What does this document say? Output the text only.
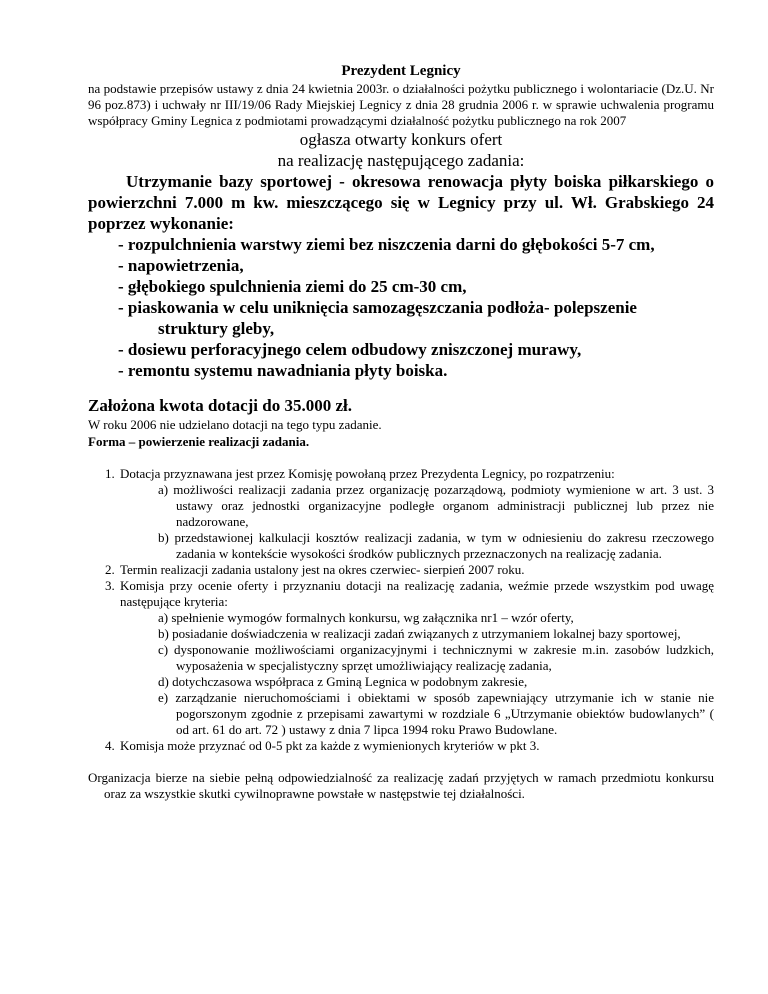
Prezydent Legnicy
na podstawie przepisów ustawy z dnia 24 kwietnia 2003r. o działalności pożytku publicznego i wolontariacie (Dz.U. Nr 96 poz.873) i uchwały nr III/19/06 Rady Miejskiej Legnicy z dnia 28 grudnia 2006 r. w sprawie uchwalenia programu współpracy Gminy Legnica z podmiotami prowadzącymi działalność pożytku publicznego na rok 2007
ogłasza otwarty konkurs ofert
na realizację następującego zadania:
Utrzymanie bazy sportowej - okresowa renowacja płyty boiska piłkarskiego o powierzchni 7.000 m kw. mieszczącego się w Legnicy przy ul. Wł. Grabskiego 24 poprzez wykonanie:
- rozpulchnienia warstwy ziemi bez niszczenia darni do głębokości 5-7 cm,
- napowietrzenia,
- głębokiego spulchnienia ziemi do 25 cm-30 cm,
- piaskowania w celu uniknięcia samozagęszczania podłoża- polepszenie
struktury gleby,
- dosiewu perforacyjnego celem odbudowy zniszczonej murawy,
- remontu systemu nawadniania płyty boiska.
Założona kwota dotacji do 35.000 zł.
W roku 2006 nie udzielano dotacji na tego typu zadanie.
Forma – powierzenie realizacji zadania.
1. Dotacja przyznawana jest przez Komisję powołaną przez Prezydenta Legnicy, po rozpatrzeniu:
a) możliwości realizacji zadania przez organizację pozarządową, podmioty wymienione w art. 3 ust. 3 ustawy oraz jednostki organizacyjne podległe organom administracji publicznej lub przez nie nadzorowane,
b) przedstawionej kalkulacji kosztów realizacji zadania, w tym w odniesieniu do zakresu rzeczowego zadania w kontekście wysokości środków publicznych przeznaczonych na realizację zadania.
2. Termin realizacji zadania ustalony jest na okres czerwiec- sierpień 2007 roku.
3. Komisja przy ocenie oferty i przyznaniu dotacji na realizację zadania, weźmie przede wszystkim pod uwagę następujące kryteria:
a) spełnienie wymogów formalnych konkursu, wg załącznika nr1 – wzór oferty,
b) posiadanie doświadczenia w realizacji zadań związanych z utrzymaniem lokalnej bazy sportowej,
c) dysponowanie możliwościami organizacyjnymi i technicznymi w zakresie m.in. zasobów ludzkich, wyposażenia w specjalistyczny sprzęt umożliwiający realizację zadania,
d) dotychczasowa współpraca z Gminą Legnica w podobnym zakresie,
e) zarządzanie nieruchomościami i obiektami w sposób zapewniający utrzymanie ich w stanie nie pogorszonym zgodnie z przepisami zawartymi w rozdziale 6 „Utrzymanie obiektów budowlanych” ( od art. 61 do art. 72 ) ustawy z dnia 7 lipca 1994 roku Prawo Budowlane.
4. Komisja może przyznać od 0-5 pkt za każde z wymienionych kryteriów w pkt 3.
Organizacja bierze na siebie pełną odpowiedzialność za realizację zadań przyjętych w ramach przedmiotu konkursu oraz za wszystkie skutki cywilnoprawne powstałe w następstwie tej działalności.
